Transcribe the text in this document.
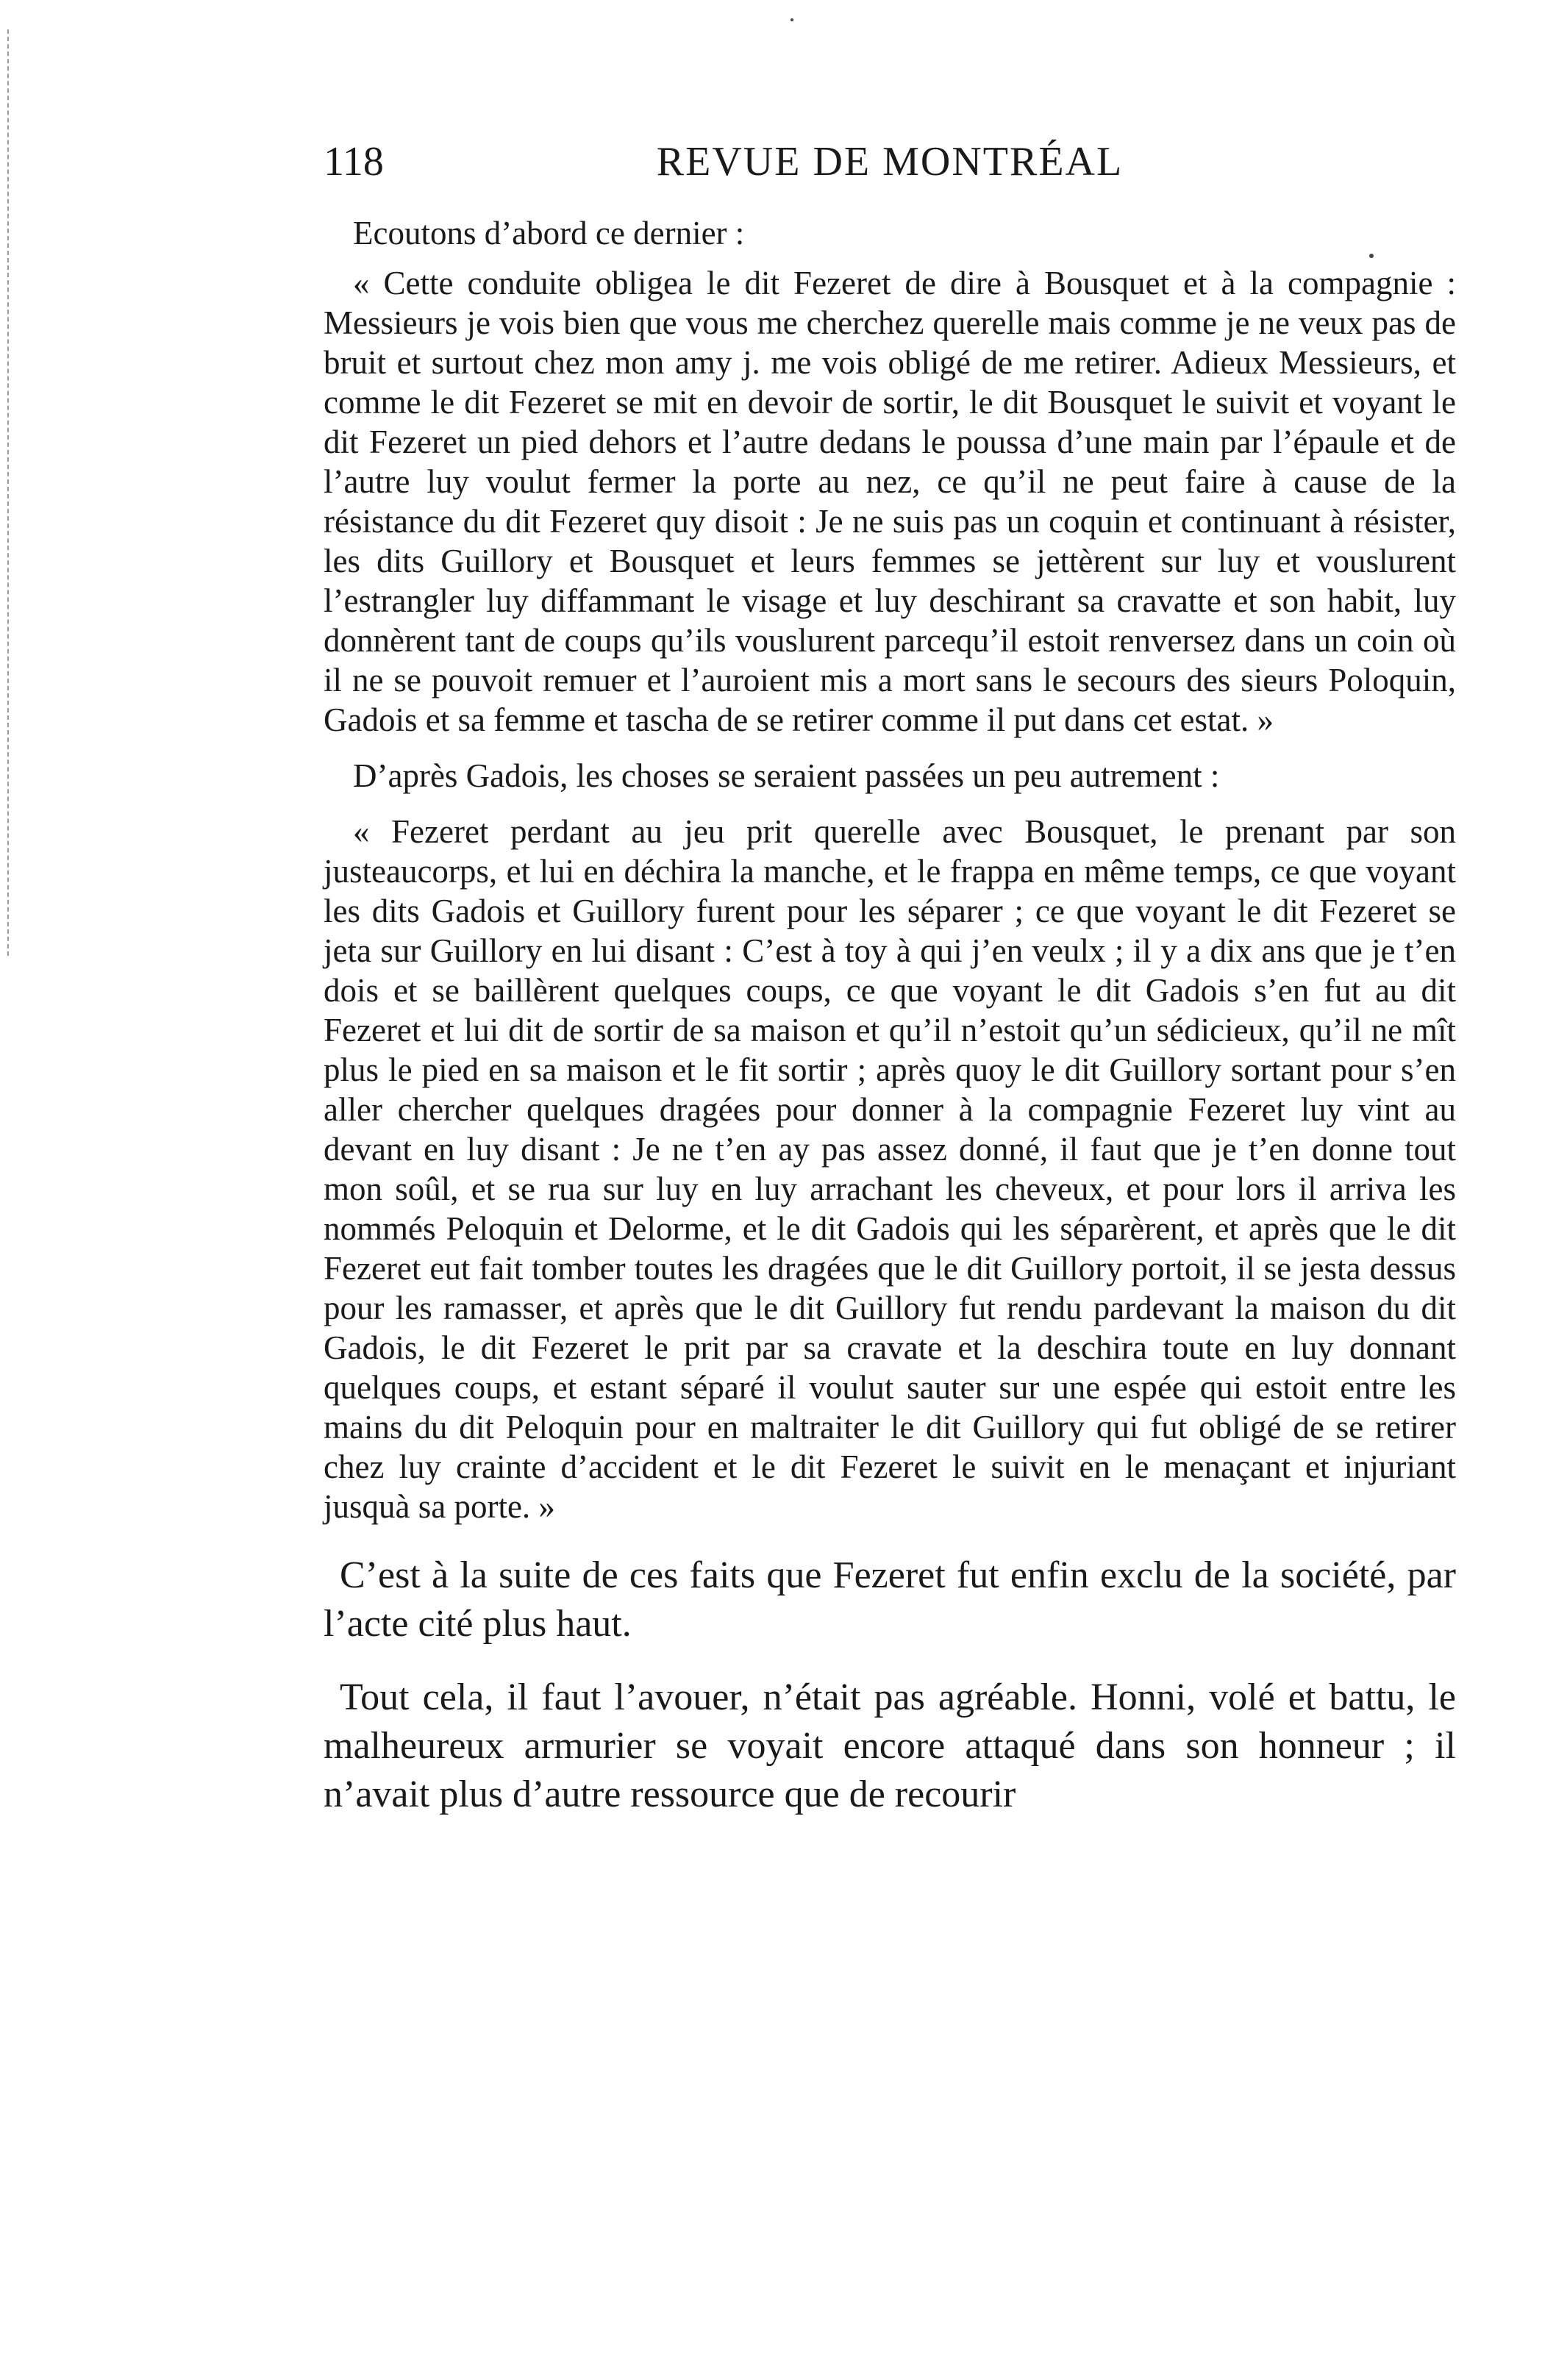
118	REVUE DE MONTRÉAL

Ecoutons d’abord ce dernier :

« Cette conduite obligea le dit Fezeret de dire à Bousquet et à la compagnie : Messieurs je vois bien que vous me cherchez querelle mais comme je ne veux pas de bruit et surtout chez mon amy j. me vois obligé de me retirer. Adieux Messieurs, et comme le dit Fezeret se mit en devoir de sortir, le dit Bousquet le suivit et voyant le dit Fezeret un pied dehors et l’autre dedans le poussa d’une main par l’épaule et de l’autre luy voulut fermer la porte au nez, ce qu’il ne peut faire à cause de la résistance du dit Fezeret quy disoit : Je ne suis pas un coquin et continuant à résister, les dits Guillory et Bousquet et leurs femmes se jettèrent sur luy et vouslurent l’estrangler luy diffammant le visage et luy deschirant sa cravatte et son habit, luy donnèrent tant de coups qu’ils vouslurent parcequ’il estoit renversez dans un coin où il ne se pouvoit remuer et l’auroient mis a mort sans le secours des sieurs Poloquin, Gadois et sa femme et tascha de se retirer comme il put dans cet estat. »

D’après Gadois, les choses se seraient passées un peu autrement :

« Fezeret perdant au jeu prit querelle avec Bousquet, le prenant par son justeaucorps, et lui en déchira la manche, et le frappa en même temps, ce que voyant les dits Gadois et Guillory furent pour les séparer ; ce que voyant le dit Fezeret se jeta sur Guillory en lui disant : C’est à toy à qui j’en veulx ; il y a dix ans que je t’en dois et se baillèrent quelques coups, ce que voyant le dit Gadois s’en fut au dit Fezeret et lui dit de sortir de sa maison et qu’il n’estoit qu’un sédicieux, qu’il ne mît plus le pied en sa maison et le fit sortir ; après quoy le dit Guillory sortant pour s’en aller chercher quelques dragées pour donner à la compagnie Fezeret luy vint au devant en luy disant : Je ne t’en ay pas assez donné, il faut que je t’en donne tout mon soûl, et se rua sur luy en luy arrachant les cheveux, et pour lors il arriva les nommés Peloquin et Delorme, et le dit Gadois qui les séparèrent, et après que le dit Fezeret eut fait tomber toutes les dragées que le dit Guillory portoit, il se jesta dessus pour les ramasser, et après que le dit Guillory fut rendu pardevant la maison du dit Gadois, le dit Fezeret le prit par sa cravate et la deschira toute en luy donnant quelques coups, et estant séparé il voulut sauter sur une espée qui estoit entre les mains du dit Peloquin pour en maltraiter le dit Guillory qui fut obligé de se retirer chez luy crainte d’accident et le dit Fezeret le suivit en le menaçant et injuriant jusquà sa porte. »

C’est à la suite de ces faits que Fezeret fut enfin exclu de la société, par l’acte cité plus haut.

Tout cela, il faut l’avouer, n’était pas agréable. Honni, volé et battu, le malheureux armurier se voyait encore attaqué dans son honneur ; il n’avait plus d’autre ressource que de recourir
